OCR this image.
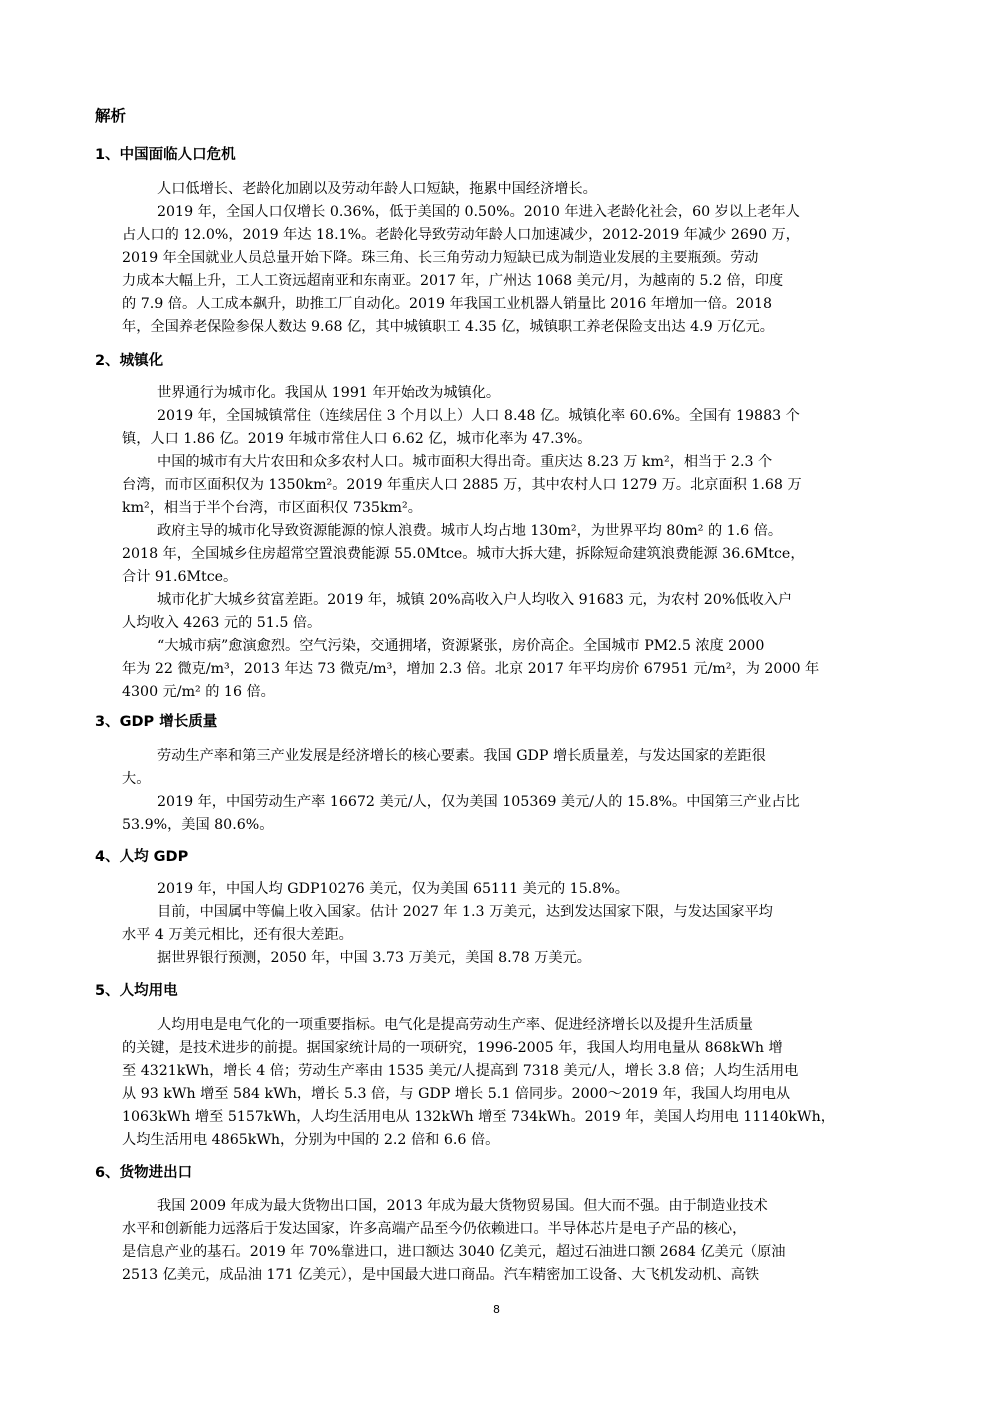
解析
1、中国面临人口危机
人口低增长、老龄化加剧以及劳动年龄人口短缺，拖累中国经济增长。
2019 年，全国人口仅增长 0.36%，低于美国的 0.50%。2010 年进入老龄化社会，60 岁以上老年人
占人口的 12.0%，2019 年达 18.1%。老龄化导致劳动年龄人口加速减少，2012-2019 年减少 2690 万，
2019 年全国就业人员总量开始下降。珠三角、长三角劳动力短缺已成为制造业发展的主要瓶颈。劳动
力成本大幅上升，工人工资远超南亚和东南亚。2017 年，广州达 1068 美元/月，为越南的 5.2 倍，印度
的 7.9 倍。人工成本飙升，助推工厂自动化。2019 年我国工业机器人销量比 2016 年增加一倍。2018
年，全国养老保险参保人数达 9.68 亿，其中城镇职工 4.35 亿，城镇职工养老保险支出达 4.9 万亿元。
2、城镇化
世界通行为城市化。我国从 1991 年开始改为城镇化。
2019 年，全国城镇常住（连续居住 3 个月以上）人口 8.48 亿。城镇化率 60.6%。全国有 19883 个
镇，人口 1.86 亿。2019 年城市常住人口 6.62 亿，城市化率为 47.3%。
中国的城市有大片农田和众多农村人口。城市面积大得出奇。重庆达 8.23 万 km²，相当于 2.3 个
台湾，而市区面积仅为 1350km²。2019 年重庆人口 2885 万，其中农村人口 1279 万。北京面积 1.68 万
km²，相当于半个台湾，市区面积仅 735km²。
政府主导的城市化导致资源能源的惊人浪费。城市人均占地 130m²，为世界平均 80m² 的 1.6 倍。
2018 年，全国城乡住房超常空置浪费能源 55.0Mtce。城市大拆大建，拆除短命建筑浪费能源 36.6Mtce，
合计 91.6Mtce。
城市化扩大城乡贫富差距。2019 年，城镇 20%高收入户人均收入 91683 元，为农村 20%低收入户
人均收入 4263 元的 51.5 倍。
“大城市病”愈演愈烈。空气污染，交通拥堵，资源紧张，房价高企。全国城市 PM2.5 浓度 2000
年为 22 微克/m³，2013 年达 73 微克/m³，增加 2.3 倍。北京 2017 年平均房价 67951 元/m²，为 2000 年
4300 元/m² 的 16 倍。
3、GDP 增长质量
劳动生产率和第三产业发展是经济增长的核心要素。我国 GDP 增长质量差，与发达国家的差距很
大。
2019 年，中国劳动生产率 16672 美元/人，仅为美国 105369 美元/人的 15.8%。中国第三产业占比
53.9%，美国 80.6%。
4、人均 GDP
2019 年，中国人均 GDP10276 美元，仅为美国 65111 美元的 15.8%。
目前，中国属中等偏上收入国家。估计 2027 年 1.3 万美元，达到发达国家下限，与发达国家平均
水平 4 万美元相比，还有很大差距。
据世界银行预测，2050 年，中国 3.73 万美元，美国 8.78 万美元。
5、人均用电
人均用电是电气化的一项重要指标。电气化是提高劳动生产率、促进经济增长以及提升生活质量
的关键，是技术进步的前提。据国家统计局的一项研究，1996-2005 年，我国人均用电量从 868kWh 增
至 4321kWh，增长 4 倍；劳动生产率由 1535 美元/人提高到 7318 美元/人，增长 3.8 倍；人均生活用电
从 93 kWh 增至 584 kWh，增长 5.3 倍，与 GDP 增长 5.1 倍同步。2000～2019 年，我国人均用电从
1063kWh 增至 5157kWh，人均生活用电从 132kWh 增至 734kWh。2019 年，美国人均用电 11140kWh，
人均生活用电 4865kWh，分别为中国的 2.2 倍和 6.6 倍。
6、货物进出口
我国 2009 年成为最大货物出口国，2013 年成为最大货物贸易国。但大而不强。由于制造业技术
水平和创新能力远落后于发达国家，许多高端产品至今仍依赖进口。半导体芯片是电子产品的核心，
是信息产业的基石。2019 年 70%靠进口，进口额达 3040 亿美元，超过石油进口额 2684 亿美元（原油
2513 亿美元，成品油 171 亿美元），是中国最大进口商品。汽车精密加工设备、大飞机发动机、高铁
8
